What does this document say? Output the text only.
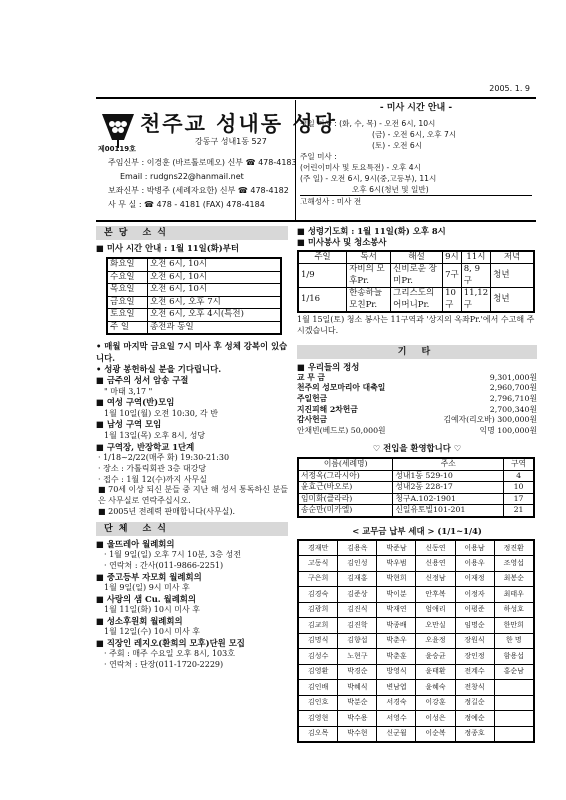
2005. 1. 9
제00119호
천주교 성내동 성당
강동구 성내1동 527
주임신부 : 이경훈 (바르톨로메오) 신부 ☎ 478-4183
Email : rudgns22@hanmail.net
보좌신부 : 박병주 (세례자요한) 신부 ☎ 478-4182
사 무 실 : ☎ 478 - 4181 (FAX) 478-4184
- 미사 시간 안내 -
평일 미사 : (화, 수, 목) - 오전 6시, 10시
(금) - 오전 6시, 오후 7시
(토) - 오전 6시
주일 미사 :
(어린이미사 및 토요특전) - 오후 4시
(주 일) - 오전 6시, 9시(중,고등부), 11시
오후 6시(청년 및 일반)
고해성사 : 미사 전
본당 소식
■ 미사 시간 안내 : 1월 11일(화)부터
화요일	오전 6시, 10시
수요일	오전 6시, 10시
목요일	오전 6시, 10시
금요일	오전 6시, 오후 7시
토요일	오전 6시, 오후 4시(특전)
주 일	종전과 동일
• 매월 마지막 금요일 7시 미사 후 성체 강복이 있습니다.
• 성광 봉헌하실 분을 기다립니다.
■ 금주의 성서 암송 구절
" 마태 3,17 "
■ 여성 구역(반)모임
1월 10일(월) 오전 10:30, 각 반
■ 남성 구역 모임
1월 13일(목) 오후 8시, 성당
■ 구역장, 반장학교 1단계
· 1/18~2/22(매주 화) 19:30-21:30
· 장소 : 가톨릭회관 3층 대강당
· 접수 : 1월 12(수)까지 사무실
■ 70세 이상 되신 분들 중 지난 해 성서 통독하신 분들은 사무실로 연락주십시오.
■ 2005년 전례력 판매합니다(사무실).
단체 소식
■ 울뜨레아 월례회의
· 1월 9일(일) 오후 7시 10분, 3층 성전
· 연락처 : 간사(011-9866-2251)
■ 중고등부 자모회 월례회의
1월 9일(일) 9시 미사 후
■ 사랑의 샘 Cu. 월례회의
1월 11일(화) 10시 미사 후
■ 성소후원회 월례회의
1월 12일(수) 10시 미사 후
■ 직장인 레지오(환희의 모후)단원 모집
· 주회 : 매주 수요일 오후 8시, 103호
· 연락처 : 단장(011-1720-2229)
■ 성령기도회 : 1월 11일(화) 오후 8시
■ 미사봉사 및 청소봉사
주일	독서	해설	9시	11시	저녁
1/9	자비의 모후Pr.	신비로운 장미Pr.	7구	8, 9구	청년
1/16	한송하늘 모친Pr.	그리스도의 어머니Pr.	10구	11,12구	청년
1월 15일(토) 청소 봉사는 11구역과 '상지의 옥좌Pr.'에서 수고해 주시겠습니다.
기 타
■ 우리들의 정성
교 무 금	9,301,000원
천주의 성모마리아 대축일	2,960,700원
주일헌금	2,796,710원
지진피해 2차헌금	2,700,340원
감사헌금	김예자(리오바) 300,000원
안채빈(베드로) 50,000원	익명 100,000원
♡ 전입을 환영합니다 ♡
이름(세례명)	주소	구역
서정옥(그라시아)	성내1동 529-10	4
윤효근(바오로)	성내2동 228-17	10
임미화(클라라)	청구A.102-1901	17
송순만(미카엘)	신일유토빌101-201	21
< 교무금 납부 세대 > (1/1~1/4)
경재만	김용옥	박준남	신동연	이용남	정진환
고동식	김인성	박우범	신용연	이용우	조영섭
구은희	김재홍	박현희	신정남	이재정	최봉순
김경숙	김준상	박이분	안후복	이정자	최태우
김광희	김진식	박재연	엄애리	이평준	하성호
김교희	김진학	박종배	오만실	임명순	한만희
김명식	김향섭	박춘우	오윤정	장원식	한 명
김성수	노현구	박춘훈	윤승균	장인정	함용섭
김영환	박경순	방영식	윤태환	전계수	홍순남
김인배	박혜식	변남엽	윤혜숙	전창식	
김인호	박분순	서경숙	이강훈	정길순	
김영현	박수용	서영수	이성은	정예순	
김오목	박수현	신군월	이순복	정종호	
